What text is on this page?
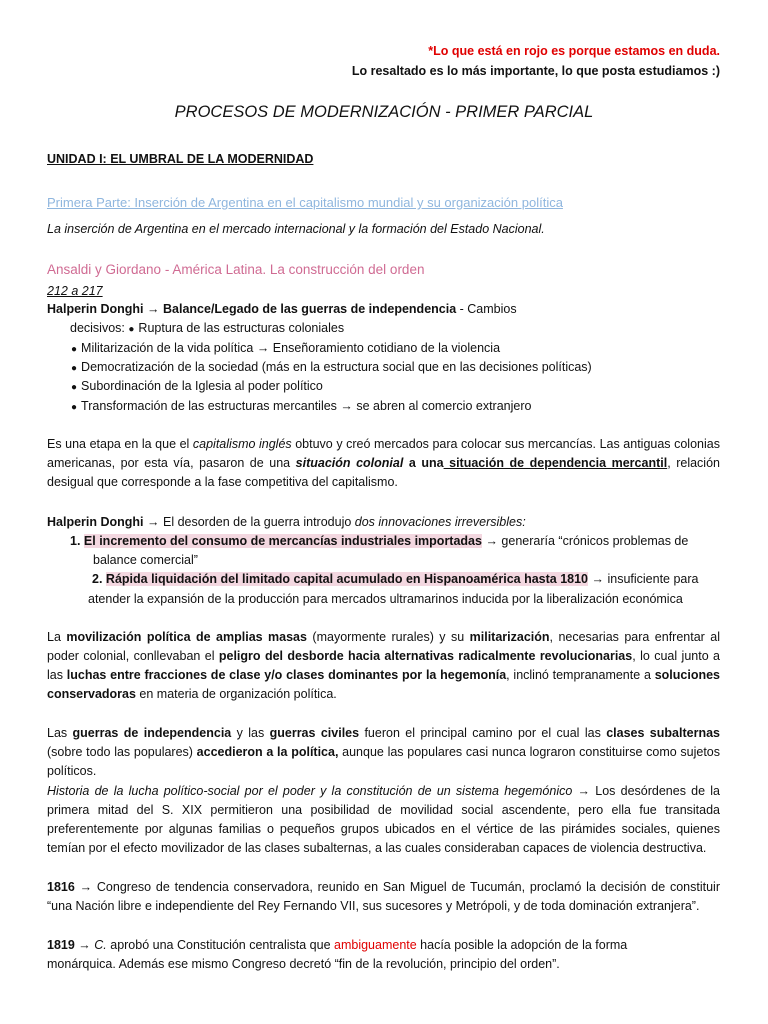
*Lo que está en rojo es porque estamos en duda.
Lo resaltado es lo más importante, lo que posta estudiamos :)
PROCESOS DE MODERNIZACIÓN - PRIMER PARCIAL
UNIDAD I: EL UMBRAL DE LA MODERNIDAD
Primera Parte: Inserción de Argentina en el capitalismo mundial y su organización política
La inserción de Argentina en el mercado internacional y la formación del Estado Nacional.
Ansaldi y Giordano - América Latina. La construcción del orden
212 a 217
Halperin Donghi → Balance/Legado de las guerras de independencia - Cambios
decisivos: ● Ruptura de las estructuras coloniales
● Militarización de la vida política → Enseñoramiento cotidiano de la violencia
● Democratización de la sociedad (más en la estructura social que en las decisiones políticas)
● Subordinación de la Iglesia al poder político
● Transformación de las estructuras mercantiles → se abren al comercio extranjero
Es una etapa en la que el capitalismo inglés obtuvo y creó mercados para colocar sus mercancías. Las antiguas colonias americanas, por esta vía, pasaron de una situación colonial a una situación de dependencia mercantil, relación desigual que corresponde a la fase competitiva del capitalismo.
Halperin Donghi → El desorden de la guerra introdujo dos innovaciones irreversibles:
1. El incremento del consumo de mercancías industriales importadas → generaría “crónicos problemas de
balance comercial”
2. Rápida liquidación del limitado capital acumulado en Hispanoamérica hasta 1810 → insuficiente para
atender la expansión de la producción para mercados ultramarinos inducida por la liberalización económica
La movilización política de amplias masas (mayormente rurales) y su militarización, necesarias para enfrentar al poder colonial, conllevaban el peligro del desborde hacia alternativas radicalmente revolucionarias, lo cual junto a las luchas entre fracciones de clase y/o clases dominantes por la hegemonía, inclinó tempranamente a soluciones conservadoras en materia de organización política.
Las guerras de independencia y las guerras civiles fueron el principal camino por el cual las clases subalternas (sobre todo las populares) accedieron a la política, aunque las populares casi nunca lograron constituirse como sujetos políticos.
Historia de la lucha político-social por el poder y la constitución de un sistema hegemónico → Los desórdenes de la primera mitad del S. XIX permitieron una posibilidad de movilidad social ascendente, pero ella fue transitada preferentemente por algunas familias o pequeños grupos ubicados en el vértice de las pirámides sociales, quienes temían por el efecto movilizador de las clases subalternas, a las cuales consideraban capaces de violencia destructiva.
1816 → Congreso de tendencia conservadora, reunido en San Miguel de Tucumán, proclamó la decisión de constituir “una Nación libre e independiente del Rey Fernando VII, sus sucesores y Metrópoli, y de toda dominación extranjera”.
1819 → C. aprobó una Constitución centralista que ambiguamente hacía posible la adopción de la forma
monárquica. Además ese mismo Congreso decretó “fin de la revolución, principio del orden”.
